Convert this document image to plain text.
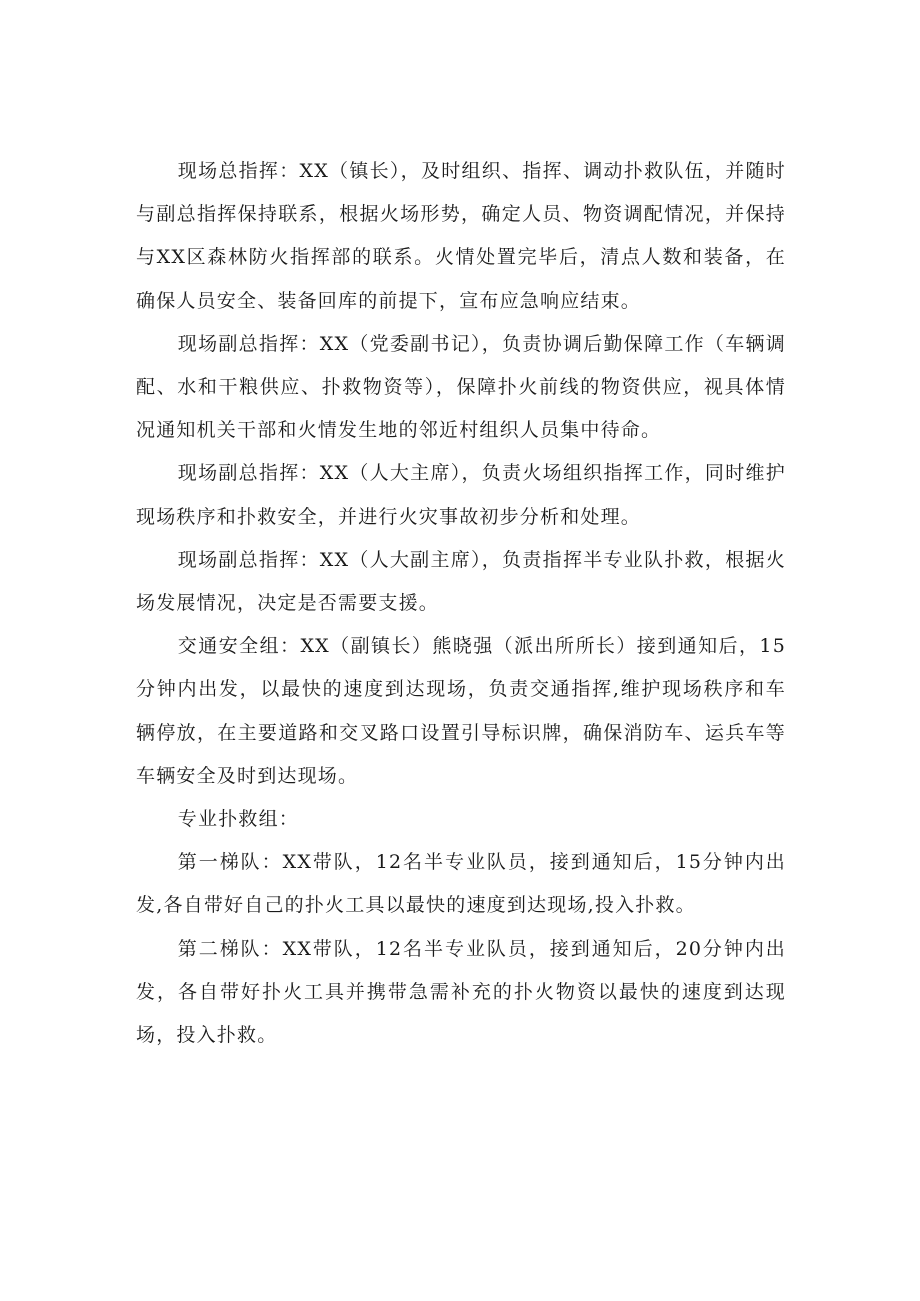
现场总指挥：XX（镇长），及时组织、指挥、调动扑救队伍，并随时与副总指挥保持联系，根据火场形势，确定人员、物资调配情况，并保持与XX区森林防火指挥部的联系。火情处置完毕后，清点人数和装备，在确保人员安全、装备回库的前提下，宣布应急响应结束。

现场副总指挥：XX（党委副书记），负责协调后勤保障工作（车辆调配、水和干粮供应、扑救物资等），保障扑火前线的物资供应，视具体情况通知机关干部和火情发生地的邻近村组织人员集中待命。

现场副总指挥：XX（人大主席），负责火场组织指挥工作，同时维护现场秩序和扑救安全，并进行火灾事故初步分析和处理。

现场副总指挥：XX（人大副主席），负责指挥半专业队扑救，根据火场发展情况，决定是否需要支援。

交通安全组：XX（副镇长）熊晓强（派出所所长）接到通知后，15分钟内出发，以最快的速度到达现场，负责交通指挥,维护现场秩序和车辆停放，在主要道路和交叉路口设置引导标识牌，确保消防车、运兵车等车辆安全及时到达现场。

专业扑救组：

第一梯队：XX带队，12名半专业队员，接到通知后，15分钟内出发,各自带好自己的扑火工具以最快的速度到达现场,投入扑救。

第二梯队：XX带队，12名半专业队员，接到通知后，20分钟内出发，各自带好扑火工具并携带急需补充的扑火物资以最快的速度到达现场，投入扑救。
